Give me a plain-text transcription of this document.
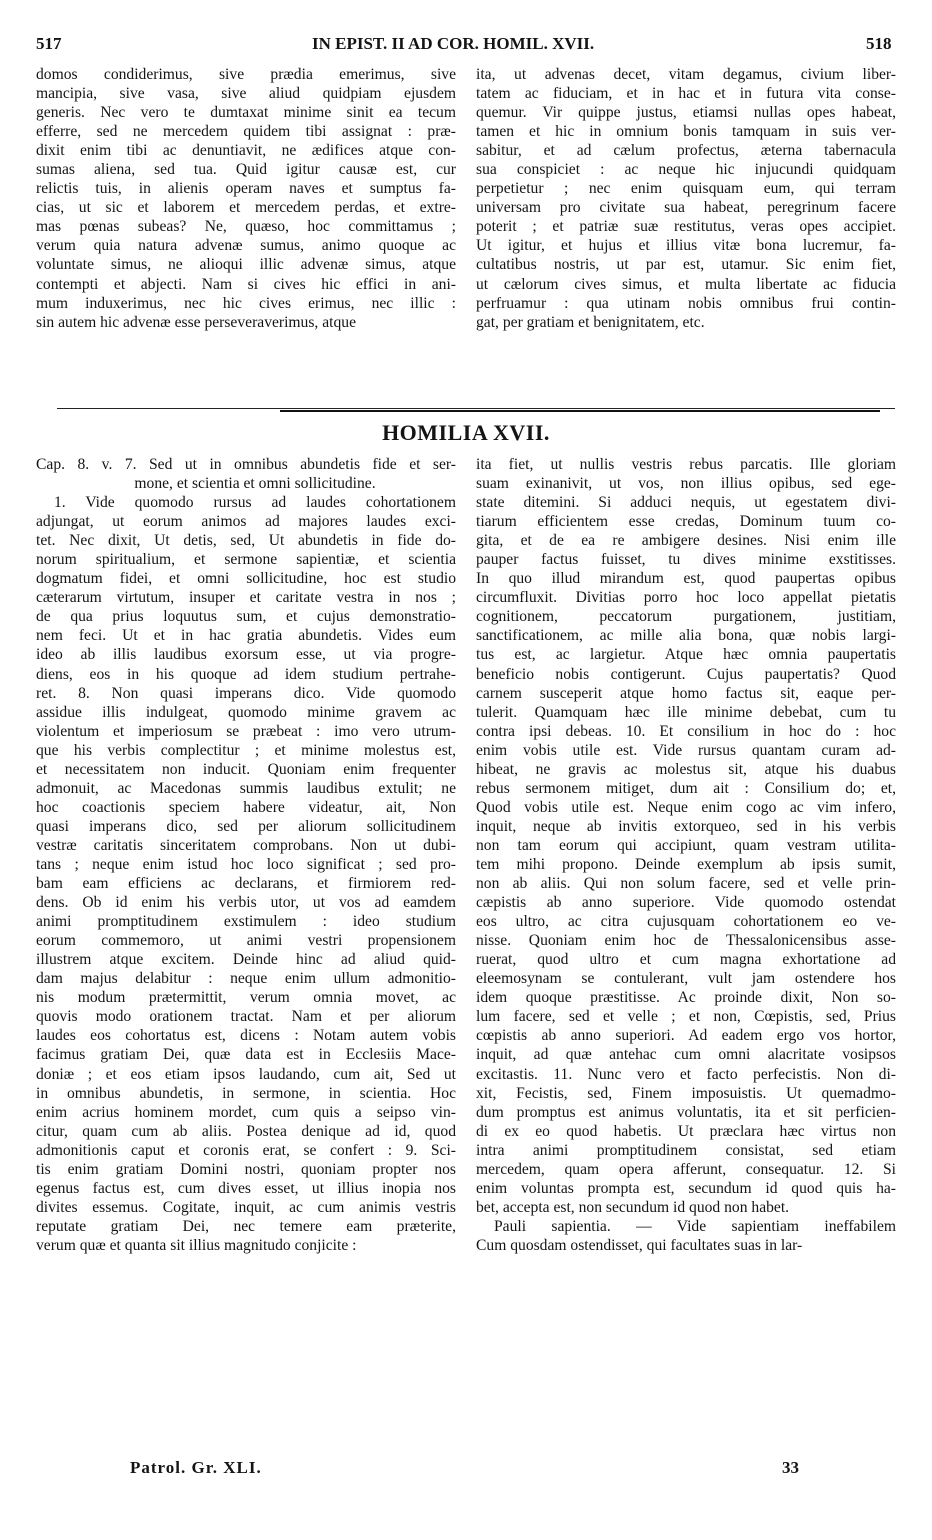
517	IN EPIST. II AD COR. HOMIL. XVII.	518
domos condiderimus, sive prædia emerimus, sive
mancipia, sive vasa, sive aliud quidpiam ejusdem
generis. Nec vero te dumtaxat minime sinit ea tecum
efferre, sed ne mercedem quidem tibi assignat : præ-
dixit enim tibi ac denuntiavit, ne ædifices atque con-
sumas aliena, sed tua. Quid igitur causæ est, cur
relictis tuis, in alienis operam naves et sumptus fa-
cias, ut sic et laborem et mercedem perdas, et extre-
mas pœnas subeas? Ne, quæso, hoc committamus ;
verum quia natura advenæ sumus, animo quoque ac
voluntate simus, ne alioqui illic advenæ simus, atque
contempti et abjecti. Nam si cives hic effici in ani-
mum induxerimus, nec hic cives erimus, nec illic :
sin autem hic advenæ esse perseveraverimus, atque
ita, ut advenas decet, vitam degamus, civium liber-
tatem ac fiduciam, et in hac et in futura vita conse-
quemur. Vir quippe justus, etiamsi nullas opes habeat,
tamen et hic in omnium bonis tamquam in suis ver-
sabitur, et ad cælum profectus, æterna tabernacula
sua conspiciet : ac neque hic injucundi quidquam
perpetietur ; nec enim quisquam eum, qui terram
universam pro civitate sua habeat, peregrinum facere
poterit ; et patriæ suæ restitutus, veras opes accipiet.
Ut igitur, et hujus et illius vitæ bona lucremur, fa-
cultatibus nostris, ut par est, utamur. Sic enim fiet,
ut cælorum cives simus, et multa libertate ac fiducia
perfruamur : qua utinam nobis omnibus frui contin-
gat, per gratiam et benignitatem, etc.
HOMILIA XVII.
Cap. 8. v. 7. Sed ut in omnibus abundetis fide et ser-
mone, et scientia et omni sollicitudine.
1. Vide quomodo rursus ad laudes cohortationem
adjungat, ut eorum animos ad majores laudes exci-
tet. Nec dixit, Ut detis, sed, Ut abundetis in fide do-
norum spiritualium, et sermone sapientiæ, et scientia
dogmatum fidei, et omni sollicitudine, hoc est studio
cæterarum virtutum, insuper et caritate vestra in nos ;
de qua prius loquutus sum, et cujus demonstratio-
nem feci. Ut et in hac gratia abundetis. Vides eum
ideo ab illis laudibus exorsum esse, ut via progre-
diens, eos in his quoque ad idem studium pertrahe-
ret. 8. Non quasi imperans dico. Vide quomodo
assidue illis indulgeat, quomodo minime gravem ac
violentum et imperiosum se præbeat : imo vero utrum-
que his verbis complectitur ; et minime molestus est,
et necessitatem non inducit. Quoniam enim frequenter
admonuit, ac Macedonas summis laudibus extulit; ne
hoc coactionis speciem habere videatur, ait, Non
quasi imperans dico, sed per aliorum sollicitudinem
vestræ caritatis sinceritatem comprobans. Non ut dubi-
tans ; neque enim istud hoc loco significat ; sed pro-
bam eam efficiens ac declarans, et firmiorem red-
dens. Ob id enim his verbis utor, ut vos ad eamdem
animi promptitudinem exstimulem : ideo studium
eorum commemoro, ut animi vestri propensionem
illustrem atque excitem. Deinde hinc ad aliud quid-
dam majus delabitur : neque enim ullum admonitio-
nis modum prætermittit, verum omnia movet, ac
quovis modo orationem tractat. Nam et per aliorum
laudes eos cohortatus est, dicens : Notam autem vobis
facimus gratiam Dei, quæ data est in Ecclesiis Mace-
doniæ ; et eos etiam ipsos laudando, cum ait, Sed ut
in omnibus abundetis, in sermone, in scientia. Hoc
enim acrius hominem mordet, cum quis a seipso vin-
citur, quam cum ab aliis. Postea denique ad id, quod
admonitionis caput et coronis erat, se confert : 9. Sci-
tis enim gratiam Domini nostri, quoniam propter nos
egenus factus est, cum dives esset, ut illius inopia nos
divites essemus. Cogitate, inquit, ac cum animis vestris
reputate gratiam Dei, nec temere eam præterite,
verum quæ et quanta sit illius magnitudo conjicite :
ita fiet, ut nullis vestris rebus parcatis. Ille gloriam
suam exinanivit, ut vos, non illius opibus, sed ege-
state ditemini. Si adduci nequis, ut egestatem divi-
tiarum efficientem esse credas, Dominum tuum co-
gita, et de ea re ambigere desines. Nisi enim ille
pauper factus fuisset, tu dives minime exstitisses.
In quo illud mirandum est, quod paupertas opibus
circumfluxit. Divitias porro hoc loco appellat pietatis
cognitionem, peccatorum purgationem, justitiam,
sanctificationem, ac mille alia bona, quæ nobis largi-
tus est, ac largietur. Atque hæc omnia paupertatis
beneficio nobis contigerunt. Cujus paupertatis? Quod
carnem susceperit atque homo factus sit, eaque per-
tulerit. Quamquam hæc ille minime debebat, cum tu
contra ipsi debeas. 10. Et consilium in hoc do : hoc
enim vobis utile est. Vide rursus quantam curam ad-
hibeat, ne gravis ac molestus sit, atque his duabus
rebus sermonem mitiget, dum ait : Consilium do; et,
Quod vobis utile est. Neque enim cogo ac vim infero,
inquit, neque ab invitis extorqueo, sed in his verbis
non tam eorum qui accipiunt, quam vestram utilita-
tem mihi propono. Deinde exemplum ab ipsis sumit,
non ab aliis. Qui non solum facere, sed et velle prin-
cæpistis ab anno superiore. Vide quomodo ostendat
eos ultro, ac citra cujusquam cohortationem eo ve-
nisse. Quoniam enim hoc de Thessalonicensibus asse-
ruerat, quod ultro et cum magna exhortatione ad
eleemosynam se contulerant, vult jam ostendere hos
idem quoque præstitisse. Ac proinde dixit, Non so-
lum facere, sed et velle ; et non, Cœpistis, sed, Prius
cœpistis ab anno superiori. Ad eadem ergo vos hortor,
inquit, ad quæ antehac cum omni alacritate vosipsos
excitastis. 11. Nunc vero et facto perfecistis. Non di-
xit, Fecistis, sed, Finem imposuistis. Ut quemadmo-
dum promptus est animus voluntatis, ita et sit perficien-
di ex eo quod habetis. Ut præclara hæc virtus non
intra animi promptitudinem consistat, sed etiam
mercedem, quam opera afferunt, consequatur. 12. Si
enim voluntas prompta est, secundum id quod quis ha-
bet, accepta est, non secundum id quod non habet.
Pauli sapientia. — Vide sapientiam ineffabilem
Cum quosdam ostendisset, qui facultates suas in lar-
Patrol. Gr. XLI.	33
